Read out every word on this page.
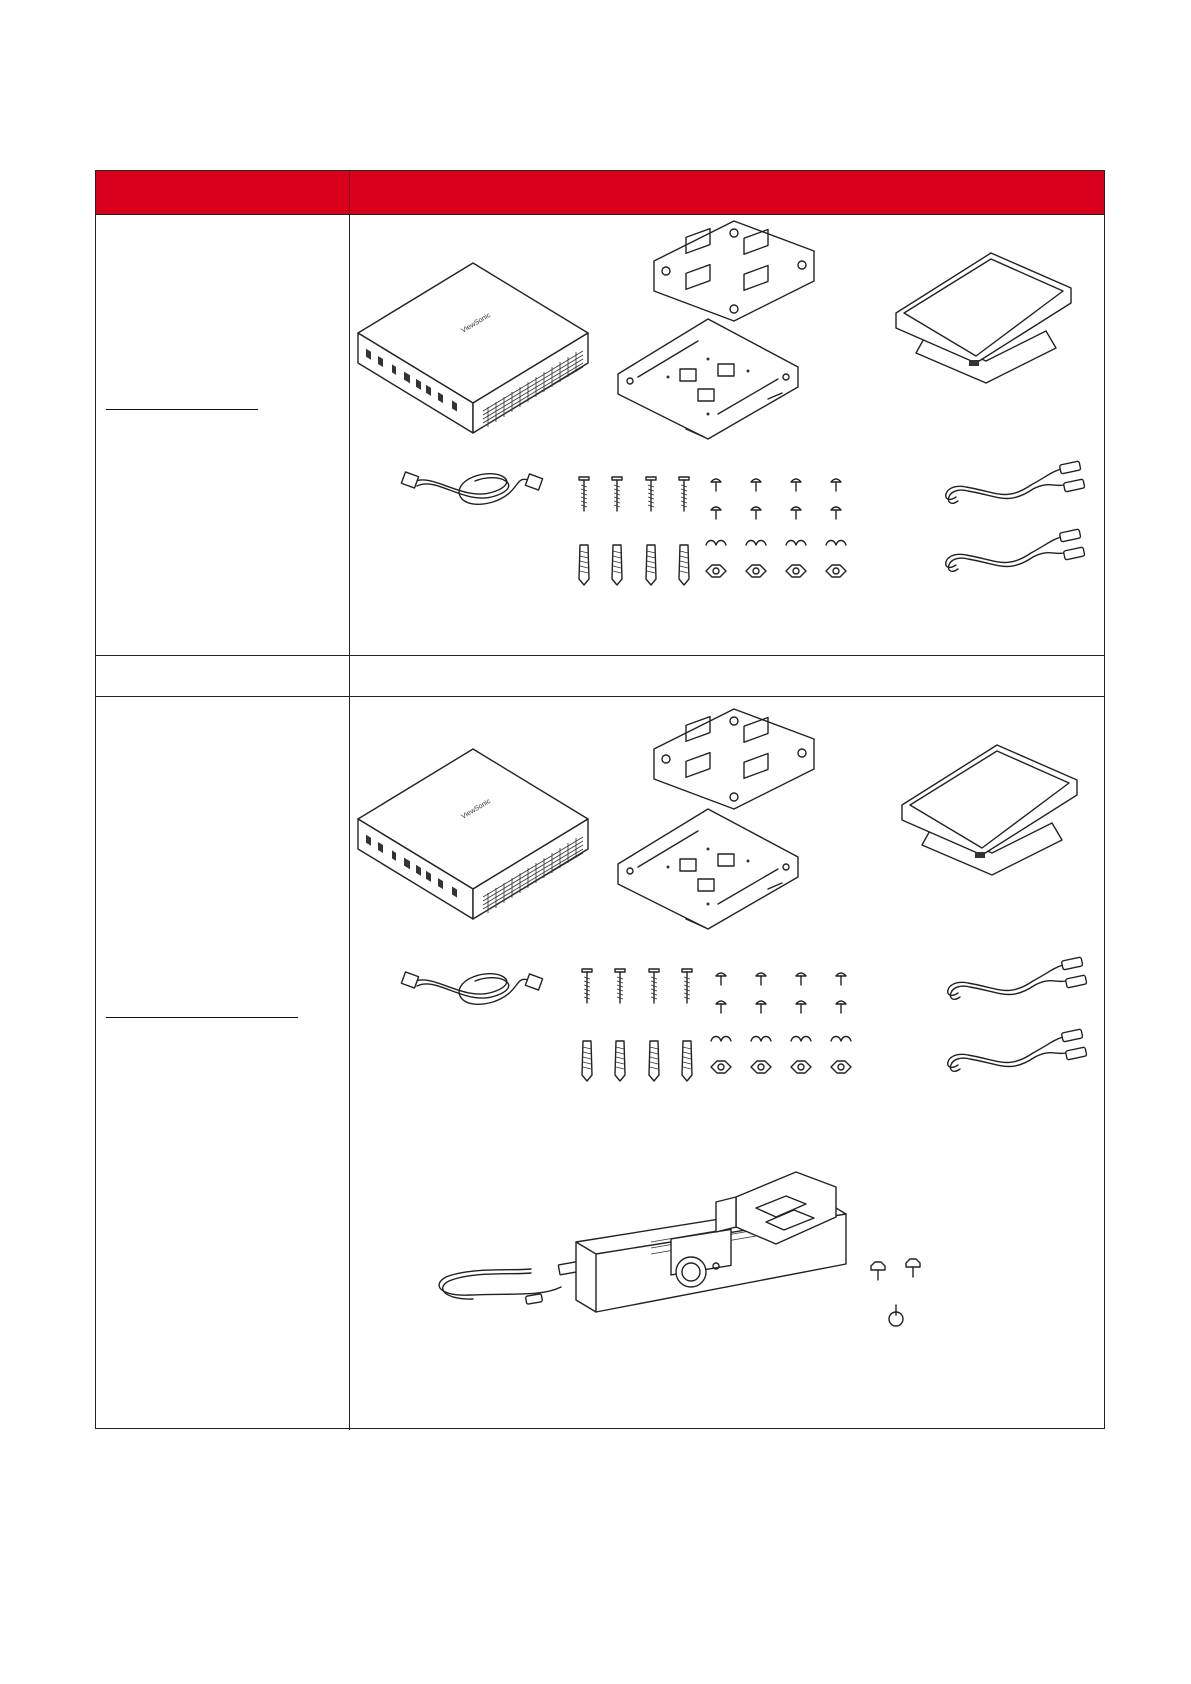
ViewSonic
